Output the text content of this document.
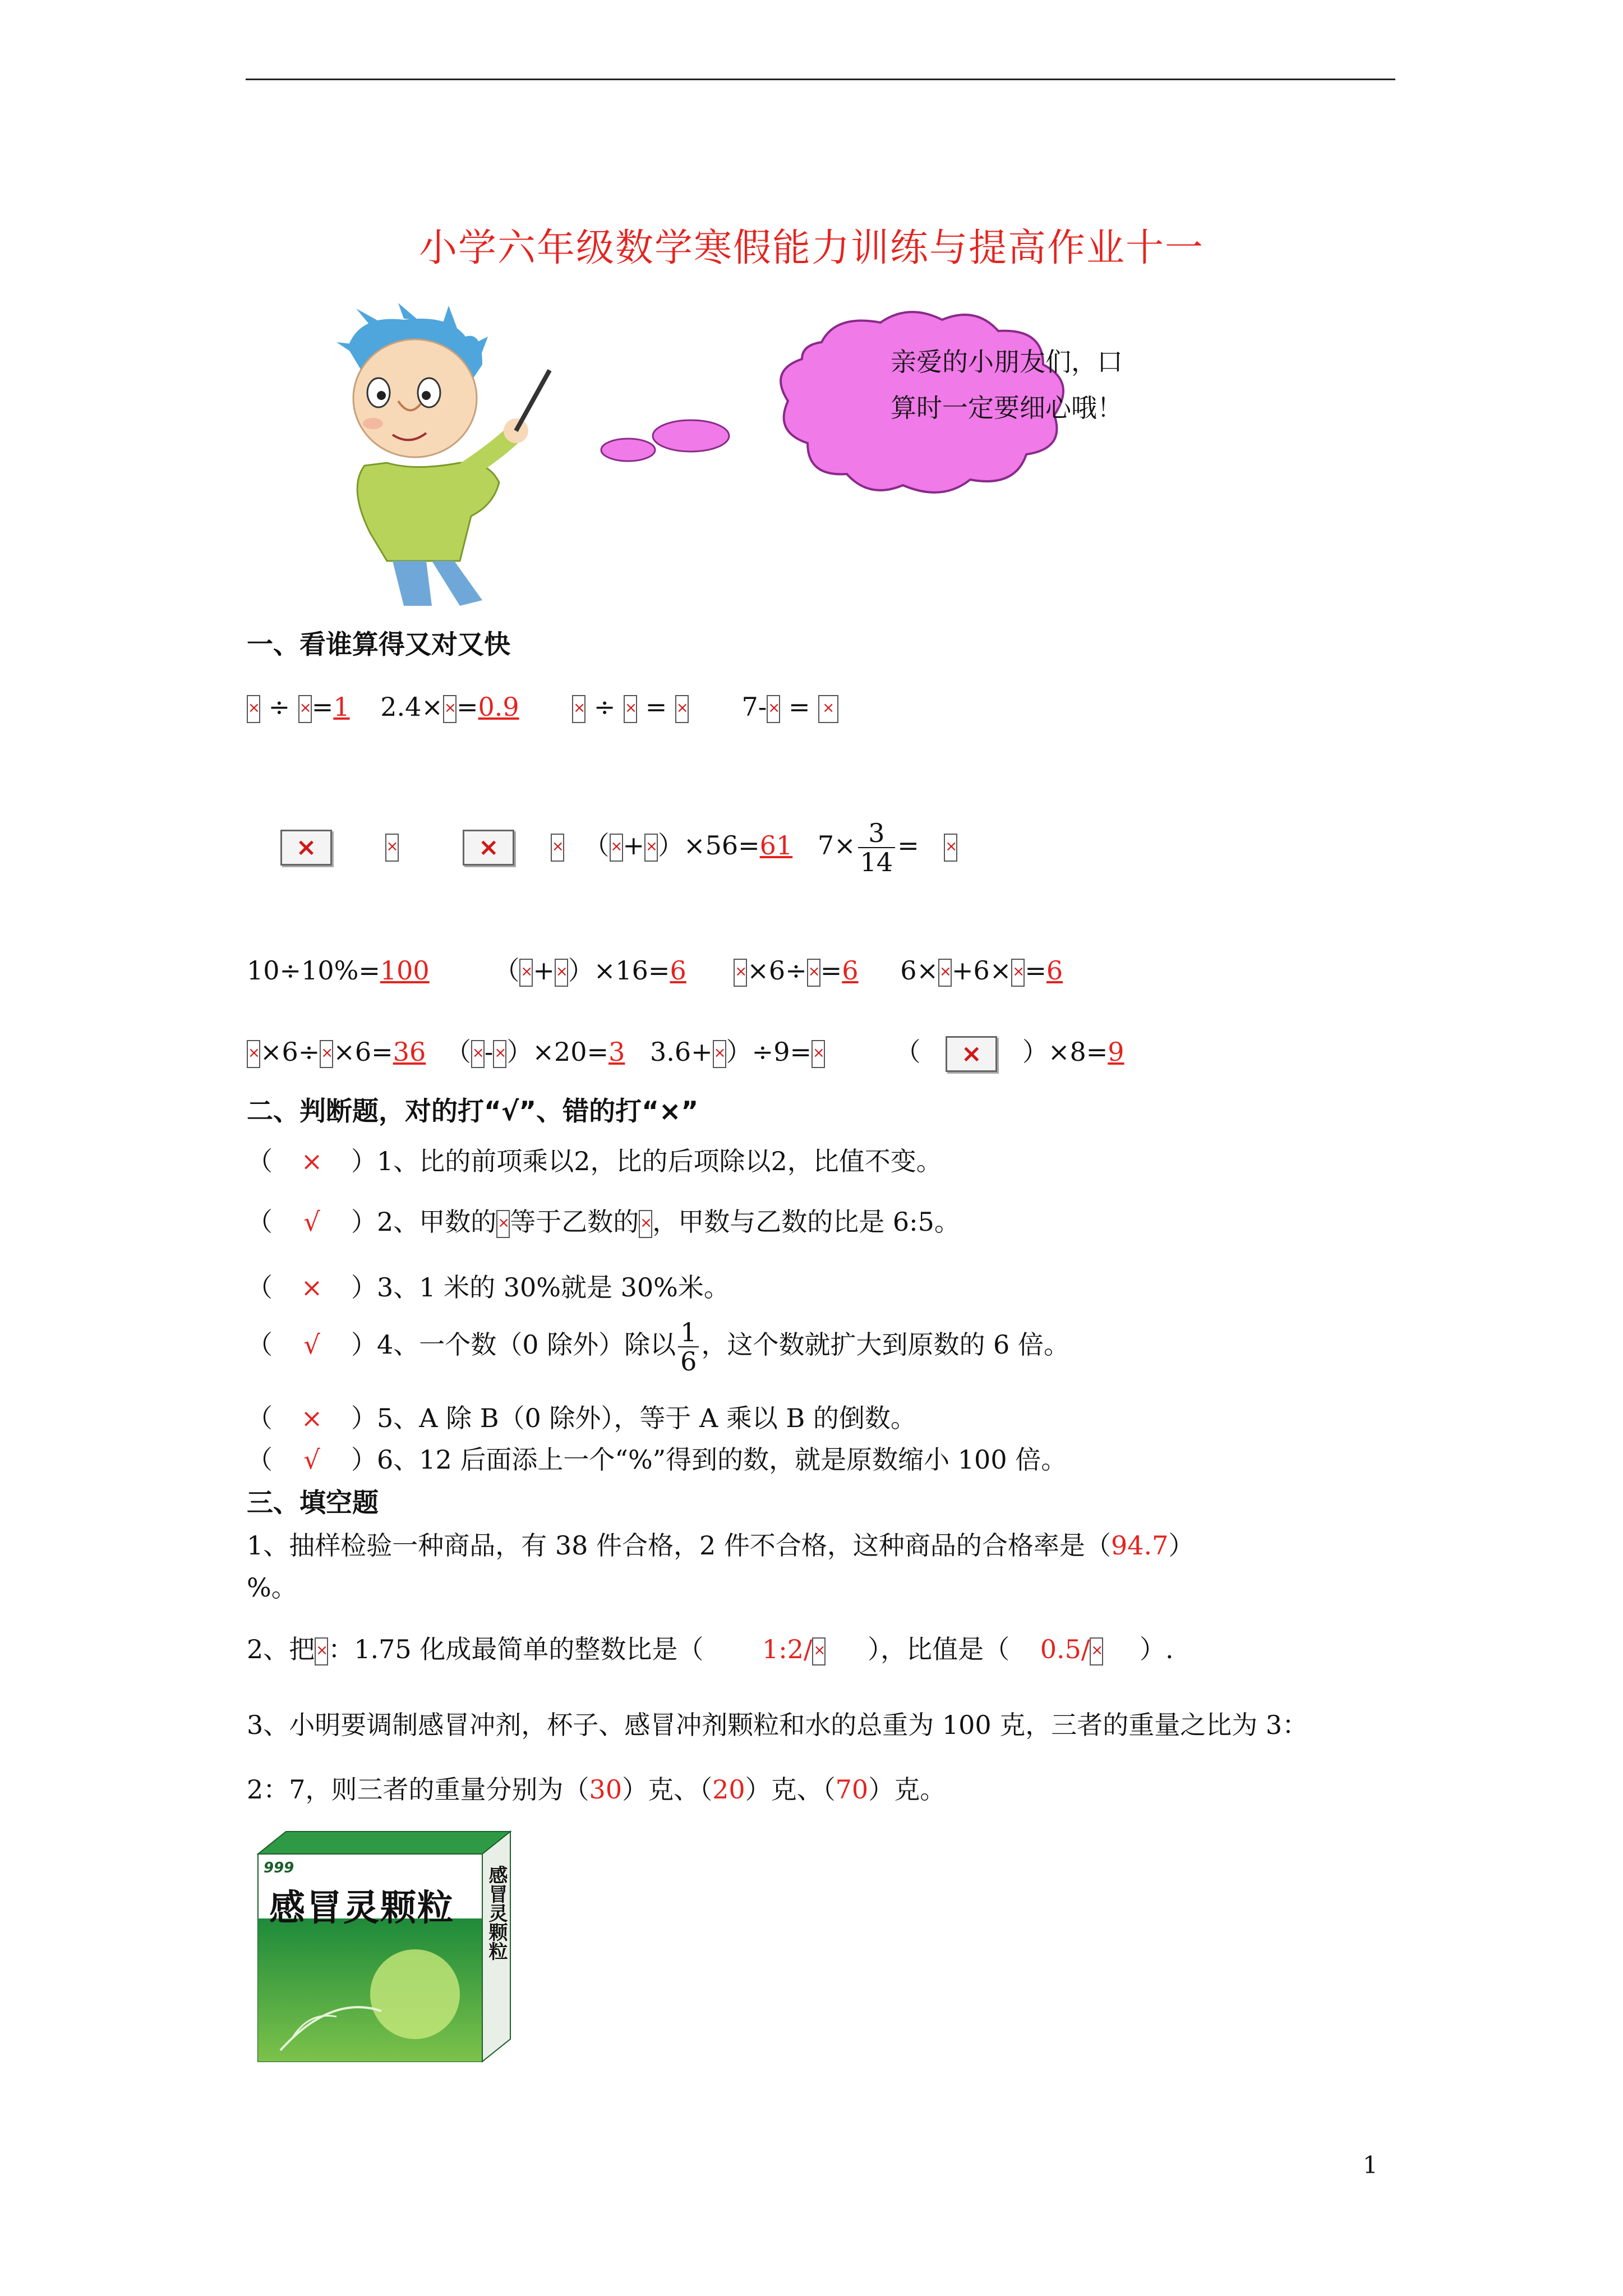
小学六年级数学寒假能力训练与提高作业十一
亲爱的小朋友们，口
算时一定要细心哦！
一、看谁算得又对又快
× ÷ × =1 2.4× × =0.9 ×	÷ × = ×	7- × = ×
× × × × （ × + × ）×56=61 $7\times \frac{3}{14}$ = ×
10÷10%=100 （ × + × ）×16=6 × ×6÷ × =6 6× × +6× × =6
××6÷ × ×6=36 （ × - × ）×20=3 3.6+ × ）÷9= ×	（ ×	）×8=9
二、判断题，对的打“√”、错的打“×”
（ × ）1、比的前项乘以2，比的后项除以2，比值不变。
（ √ ）2、甲数的 × 等于乙数的 × ，甲数与乙数的比是 6:5。
（ × ）3、1 米的 30%就是 30%米。
（ √ ）4、一个数（0 除外）除以 $\frac{1}{6}$ ，这个数就扩大到原数的 6 倍。
（ × ）5、A 除 B（0 除外），等于 A 乘以 B 的倒数。
（ √ ）6、12 后面添上一个“%”得到的数，就是原数缩小 100 倍。
三、填空题
1、抽样检验一种商品，有 38 件合格，2 件不合格，这种商品的合格率是（94.7）
%。
2、把 × ：1.75 化成最简单的整数比是（ 1:2/ × ），比值是（ 0.5/ × ）.
3、小明要调制感冒冲剂，杯子、感冒冲剂颗粒和水的总重为 100 克，三者的重量之比为 3：
2：7，则三者的重量分别为（30）克、（20）克、（70）克。
999
感冒灵颗粒 感冒灵颗粒
1
